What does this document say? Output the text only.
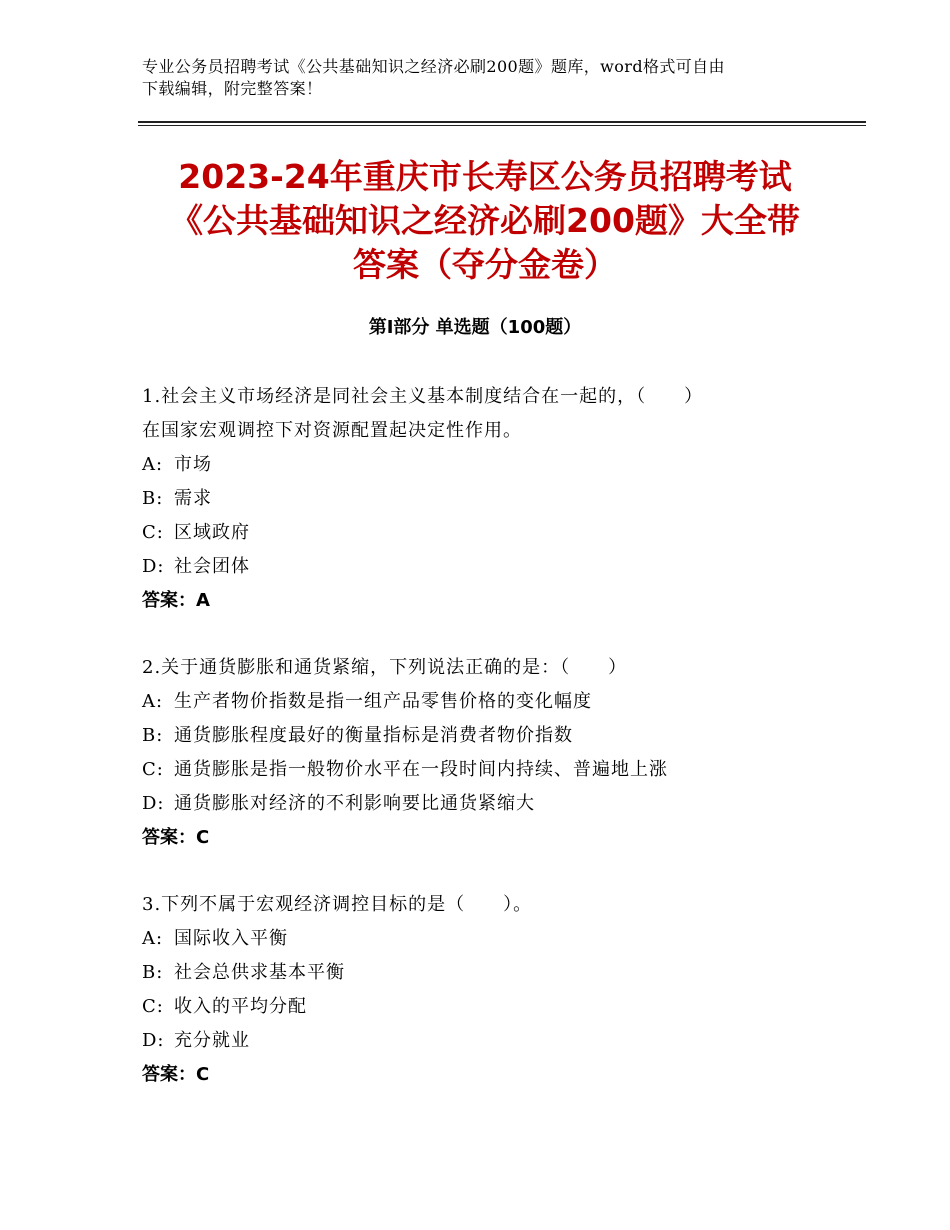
专业公务员招聘考试《公共基础知识之经济必刷200题》题库，word格式可自由
下载编辑，附完整答案！
2023-24年重庆市长寿区公务员招聘考试
《公共基础知识之经济必刷200题》大全带
答案（夺分金卷）
第Ⅰ部分 单选题（100题）
1.社会主义市场经济是同社会主义基本制度结合在一起的，（　　）
在国家宏观调控下对资源配置起决定性作用。
A: 市场
B: 需求
C: 区域政府
D: 社会团体
答案：A
2.关于通货膨胀和通货紧缩，下列说法正确的是：（　　）
A: 生产者物价指数是指一组产品零售价格的变化幅度
B: 通货膨胀程度最好的衡量指标是消费者物价指数
C: 通货膨胀是指一般物价水平在一段时间内持续、普遍地上涨
D: 通货膨胀对经济的不利影响要比通货紧缩大
答案：C
3.下列不属于宏观经济调控目标的是（　　）。
A: 国际收入平衡
B: 社会总供求基本平衡
C: 收入的平均分配
D: 充分就业
答案：C
